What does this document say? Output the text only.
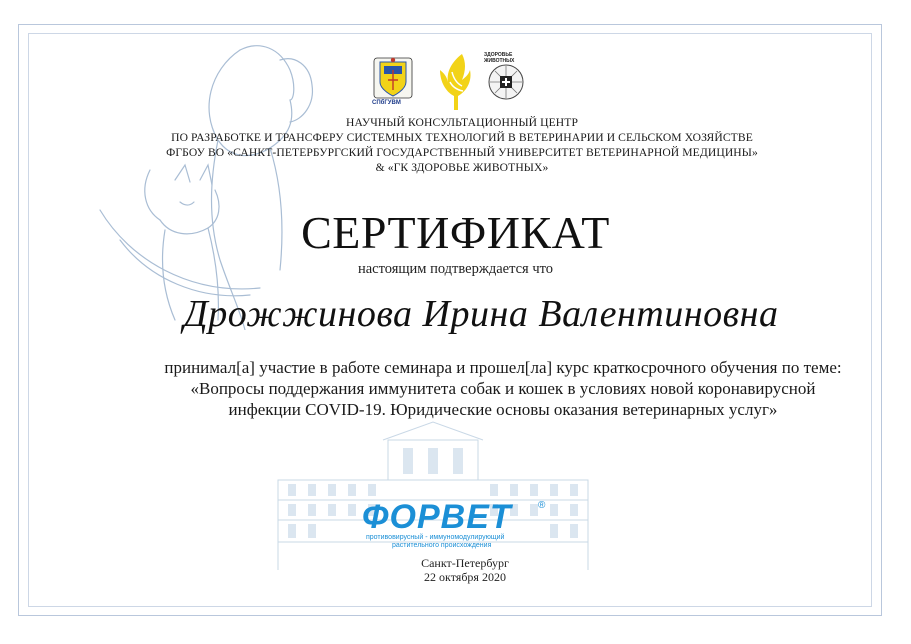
СПбГУВМ
ЗДОРОВЬЕ ЖИВОТНЫХ
НАУЧНЫЙ КОНСУЛЬТАЦИОННЫЙ ЦЕНТР
ПО РАЗРАБОТКЕ И ТРАНСФЕРУ СИСТЕМНЫХ ТЕХНОЛОГИЙ В ВЕТЕРИНАРИИ И СЕЛЬСКОМ ХОЗЯЙСТВЕ
ФГБОУ ВО «САНКТ-ПЕТЕРБУРГСКИЙ ГОСУДАРСТВЕННЫЙ УНИВЕРСИТЕТ ВЕТЕРИНАРНОЙ МЕДИЦИНЫ»
& «ГК ЗДОРОВЬЕ ЖИВОТНЫХ»
СЕРТИФИКАТ
настоящим подтверждается что
Дрожжинова Ирина Валентиновна
принимал[а] участие в работе семинара и прошел[ла] курс краткосрочного обучения по теме:
«Вопросы поддержания иммунитета собак и кошек в условиях новой коронавирусной
инфекции COVID-19. Юридические основы оказания ветеринарных услуг»
ФОРВЕТ	®
противовирусный - иммуномодулирующий
растительного происхождения
Санкт-Петербург
22 октября 2020
